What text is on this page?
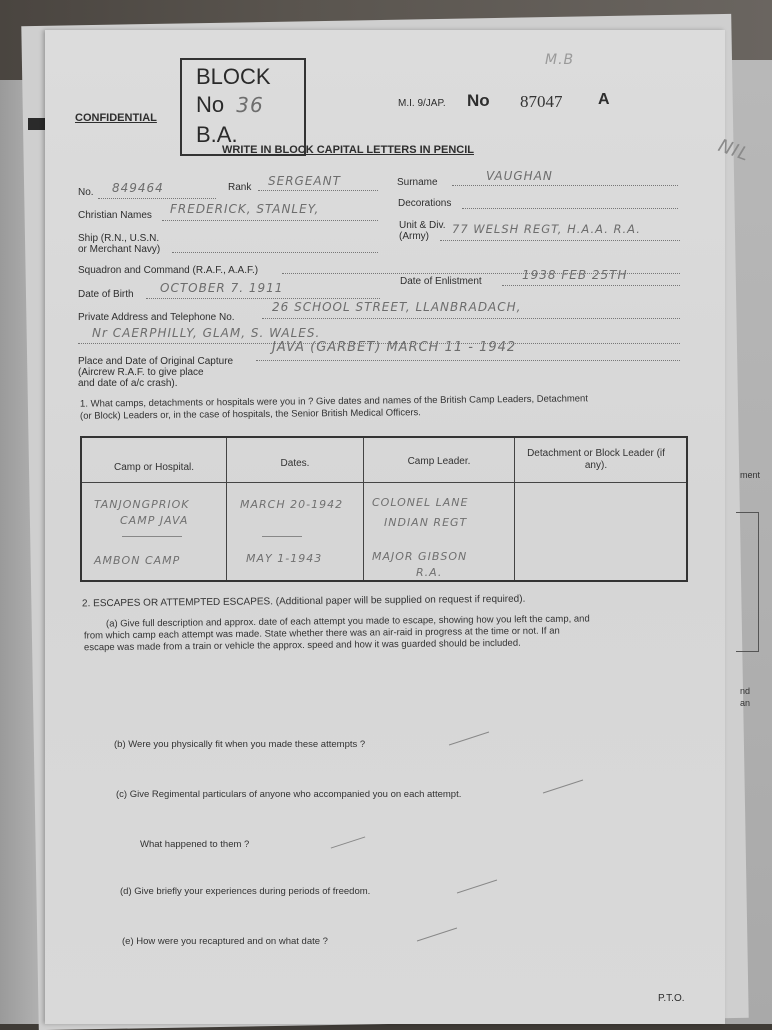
ment
nd
an
NIL
BLOCK
No 36
B.A.
M.B
CONFIDENTIAL
M.I. 9/JAP. No 87047 A
WRITE IN BLOCK CAPITAL LETTERS IN PENCIL
No. 849464	Rank SERGEANT	Surname	VAUGHAN
Christian Names FREDERICK, STANLEY,	Decorations
Ship (R.N., U.S.N.
or Merchant Navy)
Unit & Div.
(Army)
77 WELSH REGT, H.A.A. R.A.
Squadron and Command (R.A.F., A.A.F.)
Date of Birth OCTOBER 7. 1911	Date of Enlistment	1938 FEB 25TH
Private Address and Telephone No.
26 SCHOOL STREET, LLANBRADACH,
Nr CAERPHILLY, GLAM, S. WALES.
Place and Date of Original Capture
(Aircrew R.A.F. to give place
and date of a/c crash).
JAVA (GARBET) MARCH 11 - 1942
1. What camps, detachments or hospitals were you in ? Give dates and names of the British Camp Leaders, Detachment
(or Block) Leaders or, in the case of hospitals, the Senior British Medical Officers.
Camp or Hospital.	Dates.	Camp Leader.
Detachment or Block Leader (if any).
TANJONGPRIOK
CAMP JAVA
MARCH 20-1942	COLONEL LANE
INDIAN REGT
AMBON CAMP	MAY 1-1943	MAJOR GIBSON
R.A.
2. ESCAPES OR ATTEMPTED ESCAPES. (Additional paper will be supplied on request if required).
(a) Give full description and approx. date of each attempt you made to escape, showing how you left the camp, and
from which camp each attempt was made. State whether there was an air-raid in progress at the time or not. If an
escape was made from a train or vehicle the approx. speed and how it was guarded should be included.
(b) Were you physically fit when you made these attempts ?
(c) Give Regimental particulars of anyone who accompanied you on each attempt.
What happened to them ?
(d) Give briefly your experiences during periods of freedom.
(e) How were you recaptured and on what date ?
P.T.O.
